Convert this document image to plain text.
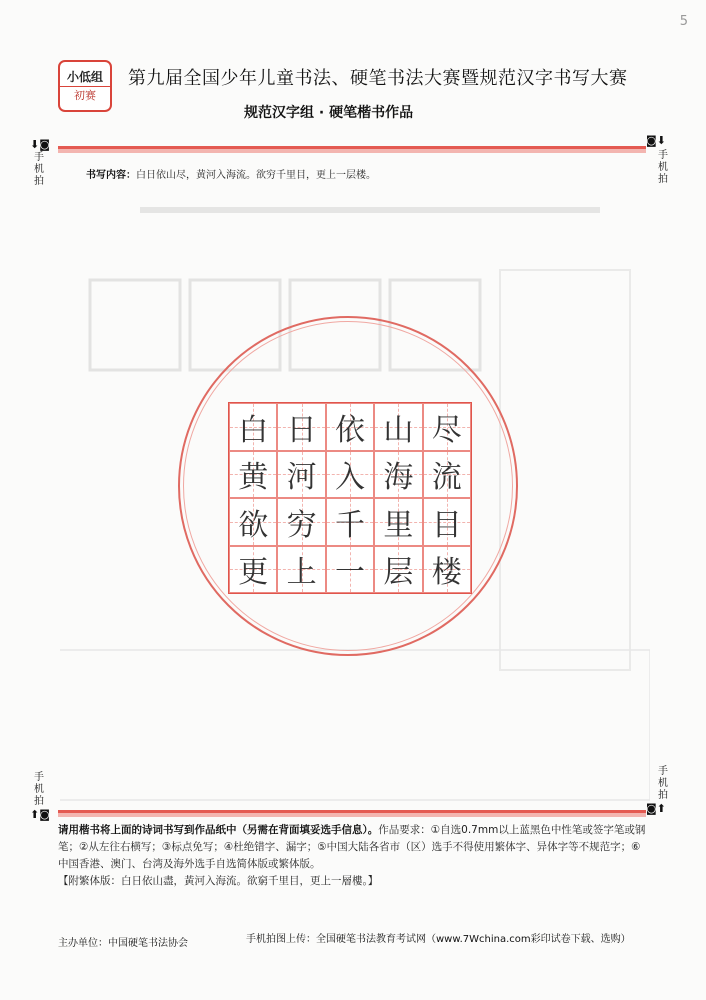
5
小低组
初赛
第九届全国少年儿童书法、硬笔书法大赛暨规范汉字书写大赛
规范汉字组 · 硬笔楷书作品
⬇◙
手机拍
◙⬇
手机拍
书写内容：白日依山尽，黄河入海流。欲穷千里目，更上一层楼。
白 日 依 山 尽
黄 河 入 海 流
欲 穷 千 里 目
更 上 一 层 楼
手机拍
⬆◙
手机拍
◙⬆
请用楷书将上面的诗词书写到作品纸中（另需在背面填妥选手信息）。作品要求：①自选0.7mm以上蓝黑色中性笔或签字笔或钢笔；②从左往右横写；③标点免写；④杜绝错字、漏字；⑤中国大陆各省市（区）选手不得使用繁体字、异体字等不规范字；⑥中国香港、澳门、台湾及海外选手自选简体版或繁体版。
【附繁体版：白日依山盡，黃河入海流。欲窮千里目，更上一層樓。】
主办单位：中国硬笔书法协会	手机拍图上传：全国硬笔书法教育考试网（www.7Wchina.com彩印试卷下载、选购）
